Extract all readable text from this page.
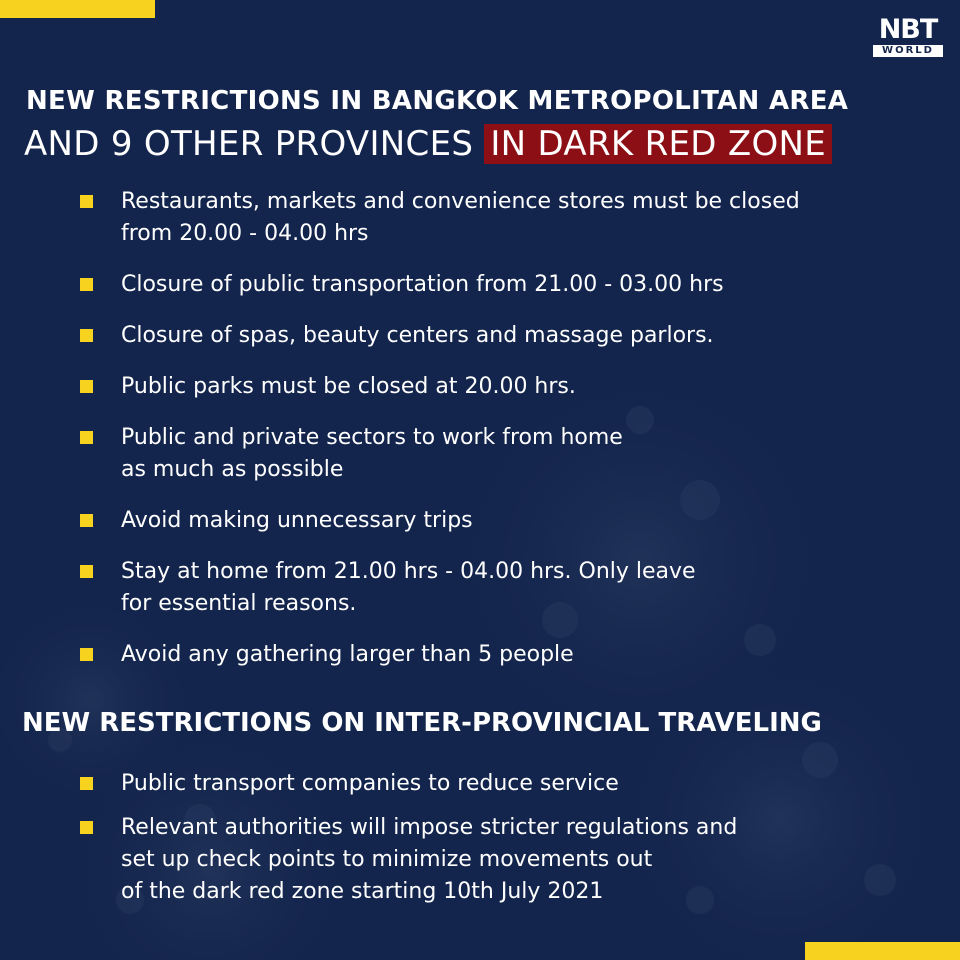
NBT
WORLD
NEW RESTRICTIONS IN BANGKOK METROPOLITAN AREA
AND 9 OTHER PROVINCES IN DARK RED ZONE
Restaurants, markets and convenience stores must be closed
from 20.00 - 04.00 hrs
Closure of public transportation from 21.00 - 03.00 hrs
Closure of spas, beauty centers and massage parlors.
Public parks must be closed at 20.00 hrs.
Public and private sectors to work from home
as much as possible
Avoid making unnecessary trips
Stay at home from 21.00 hrs - 04.00 hrs. Only leave
for essential reasons.
Avoid any gathering larger than 5 people
NEW RESTRICTIONS ON INTER-PROVINCIAL TRAVELING
Public transport companies to reduce service
Relevant authorities will impose stricter regulations and
set up check points to minimize movements out
of the dark red zone starting 10th July 2021
